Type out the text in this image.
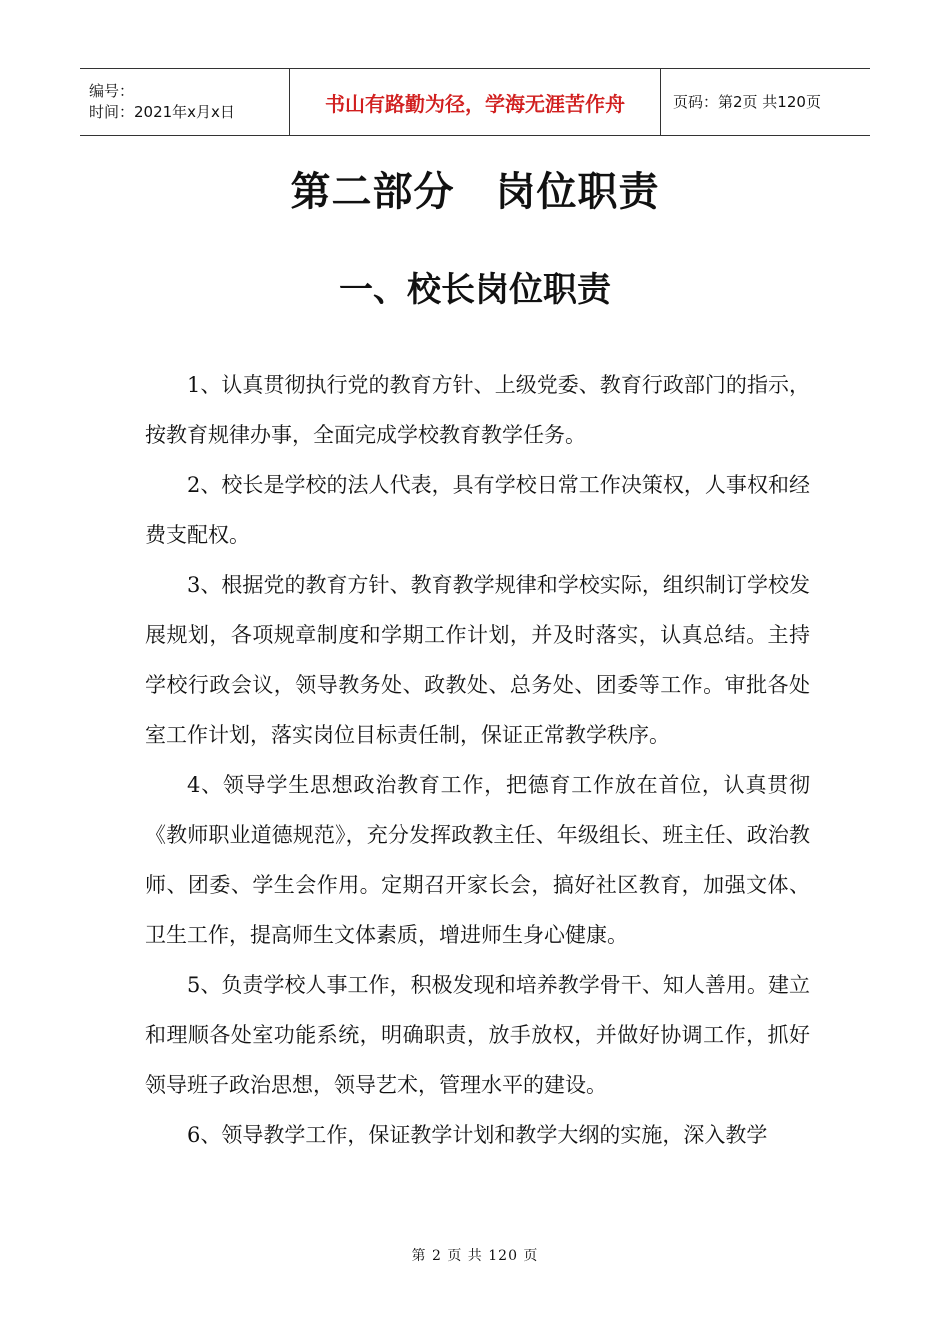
编号：
时间：2021年x月x日	书山有路勤为径，学海无涯苦作舟	页码：第2页 共120页
第二部分　岗位职责
一、校长岗位职责

1、认真贯彻执行党的教育方针、上级党委、教育行政部门的指示，按教育规律办事，全面完成学校教育教学任务。

2、校长是学校的法人代表，具有学校日常工作决策权，人事权和经费支配权。

3、根据党的教育方针、教育教学规律和学校实际，组织制订学校发展规划，各项规章制度和学期工作计划，并及时落实，认真总结。主持学校行政会议，领导教务处、政教处、总务处、团委等工作。审批各处室工作计划，落实岗位目标责任制，保证正常教学秩序。

4、领导学生思想政治教育工作，把德育工作放在首位，认真贯彻《教师职业道德规范》，充分发挥政教主任、年级组长、班主任、政治教师、团委、学生会作用。定期召开家长会，搞好社区教育，加强文体、卫生工作，提高师生文体素质，增进师生身心健康。

5、负责学校人事工作，积极发现和培养教学骨干、知人善用。建立和理顺各处室功能系统，明确职责，放手放权，并做好协调工作，抓好领导班子政治思想，领导艺术，管理水平的建设。

6、领导教学工作，保证教学计划和教学大纲的实施，深入教学

第 2 页 共 120 页
